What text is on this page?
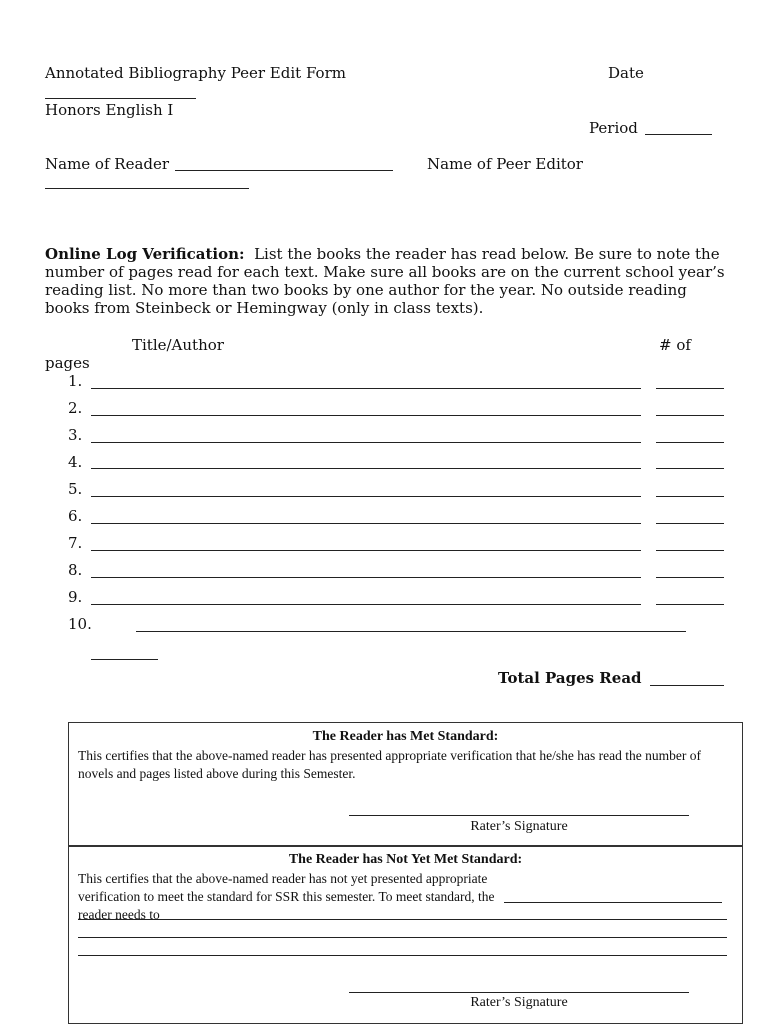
Annotated Bibliography Peer Edit Form	Date
Honors English I
Period
Name of Reader	Name of Peer Editor
Online Log Verification: List the books the reader has read below. Be sure to note the number of pages read for each text. Make sure all books are on the current school year’s reading list. No more than two books by one author for the year. No outside reading books from Steinbeck or Hemingway (only in class texts).
Title/Author	# of
pages
1.
2.
3.
4.
5.
6.
7.
8.
9.
10.
Total Pages Read
The Reader has Met Standard:
This certifies that the above-named reader has presented appropriate verification that he/she has read the number of novels and pages listed above during this Semester.
Rater’s Signature
The Reader has Not Yet Met Standard:
This certifies that the above-named reader has not yet presented appropriate verification to meet the standard for SSR this semester. To meet standard, the reader needs to
Rater’s Signature
